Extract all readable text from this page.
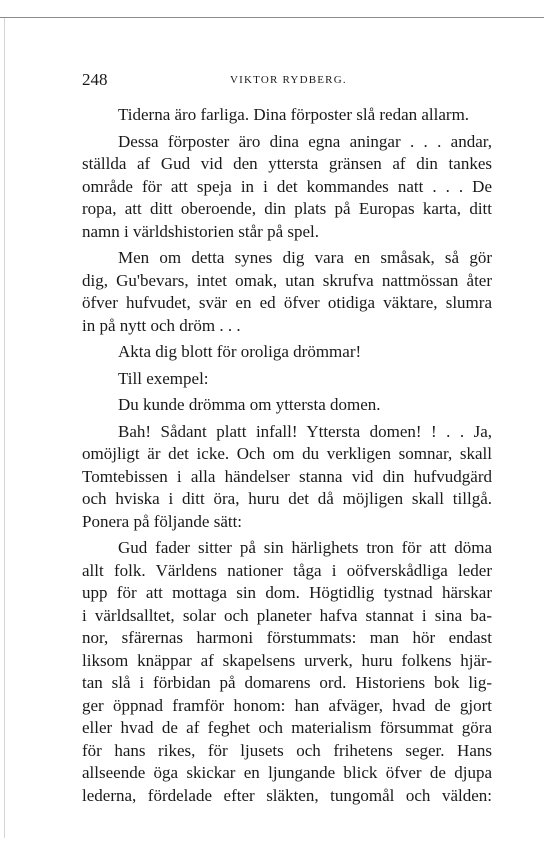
248	VIKTOR RYDBERG.
Tiderna äro farliga. Dina förposter slå redan allarm.
Dessa förposter äro dina egna aningar . . . andar,
ställda af Gud vid den yttersta gränsen af din tankes
område för att speja in i det kommandes natt . . . De
ropa, att ditt oberoende, din plats på Europas karta, ditt
namn i världshistorien står på spel.
Men om detta synes dig vara en småsak, så gör
dig, Gu'bevars, intet omak, utan skrufva nattmössan åter
öfver hufvudet, svär en ed öfver otidiga väktare, slumra
in på nytt och dröm . . .
Akta dig blott för oroliga drömmar!
Till exempel:
Du kunde drömma om yttersta domen.
Bah! Sådant platt infall! Yttersta domen! ! . . Ja,
omöjligt är det icke. Och om du verkligen somnar, skall
Tomtebissen i alla händelser stanna vid din hufvudgärd
och hviska i ditt öra, huru det då möjligen skall tillgå.
Ponera på följande sätt:
Gud fader sitter på sin härlighets tron för att döma
allt folk. Världens nationer tåga i oöfverskådliga leder
upp för att mottaga sin dom. Högtidlig tystnad härskar
i världsalltet, solar och planeter hafva stannat i sina ba-
nor, sfärernas harmoni förstummats: man hör endast
liksom knäppar af skapelsens urverk, huru folkens hjär-
tan slå i förbidan på domarens ord. Historiens bok lig-
ger öppnad framför honom: han afväger, hvad de gjort
eller hvad de af feghet och materialism försummat göra
för hans rikes, för ljusets och frihetens seger. Hans
allseende öga skickar en ljungande blick öfver de djupa
lederna, fördelade efter släkten, tungomål och välden:
